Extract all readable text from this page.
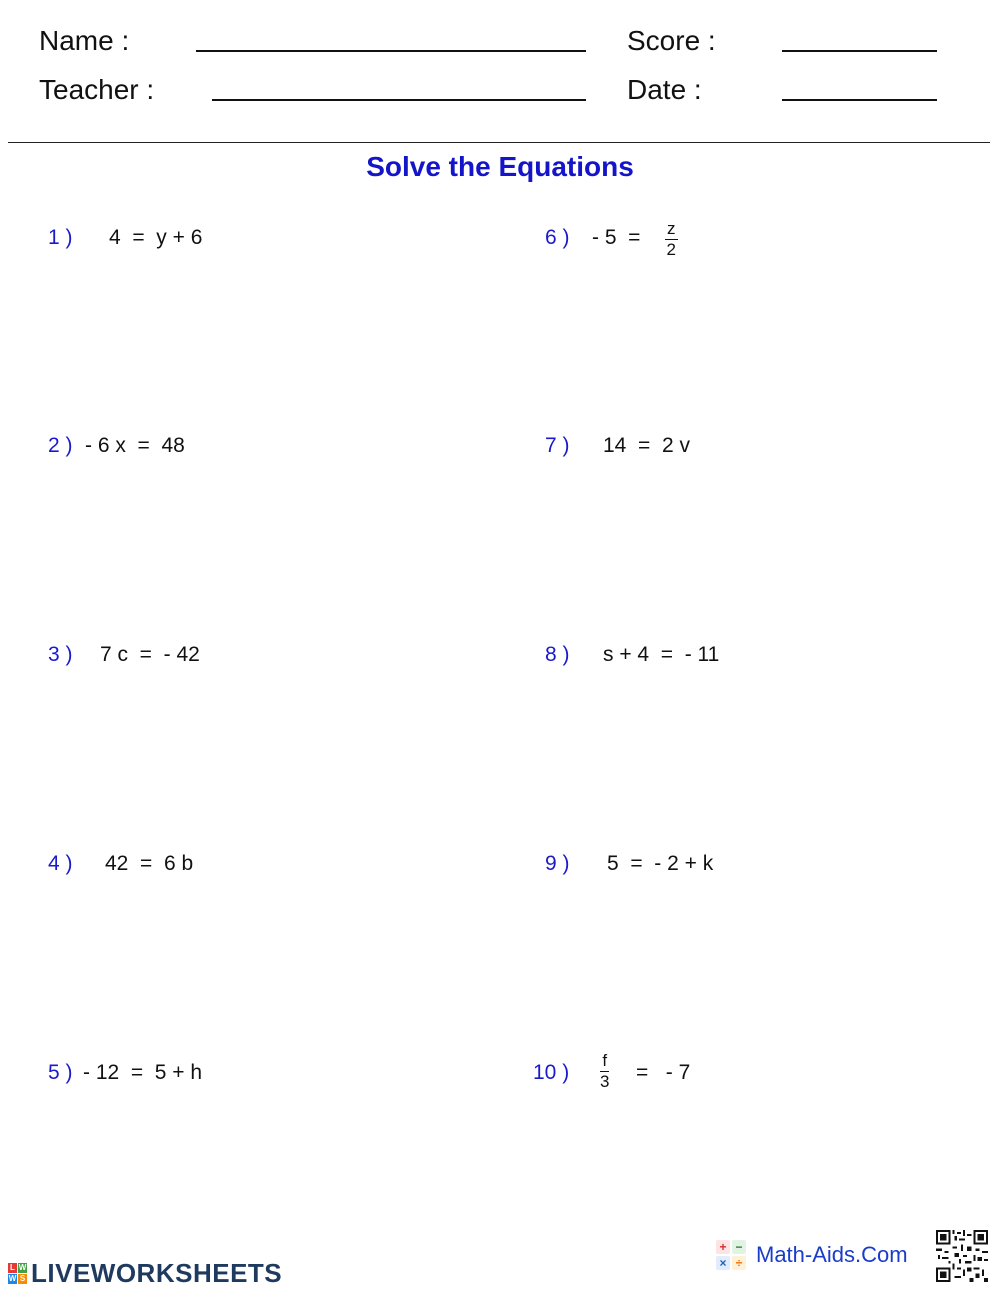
Name :
Teacher :
Score :
Date :
Solve the Equations
1 ) 4  =  y + 6
2 ) - 6 x  =  48
3 ) 7 c  =  - 42
4 ) 42  =  6 b
5 ) - 12  =  5 + h
6 ) - $5 = \frac{z}{2}$
7 ) 14  =  2 v
8 ) s + 4  =  - 11
9 ) 5  =  - 2 + k
10 ) $\frac{f}{3}$ =   - 7
L W
W S LIVEWORKSHEETS
+ −
× ÷ Math-Aids.Com
